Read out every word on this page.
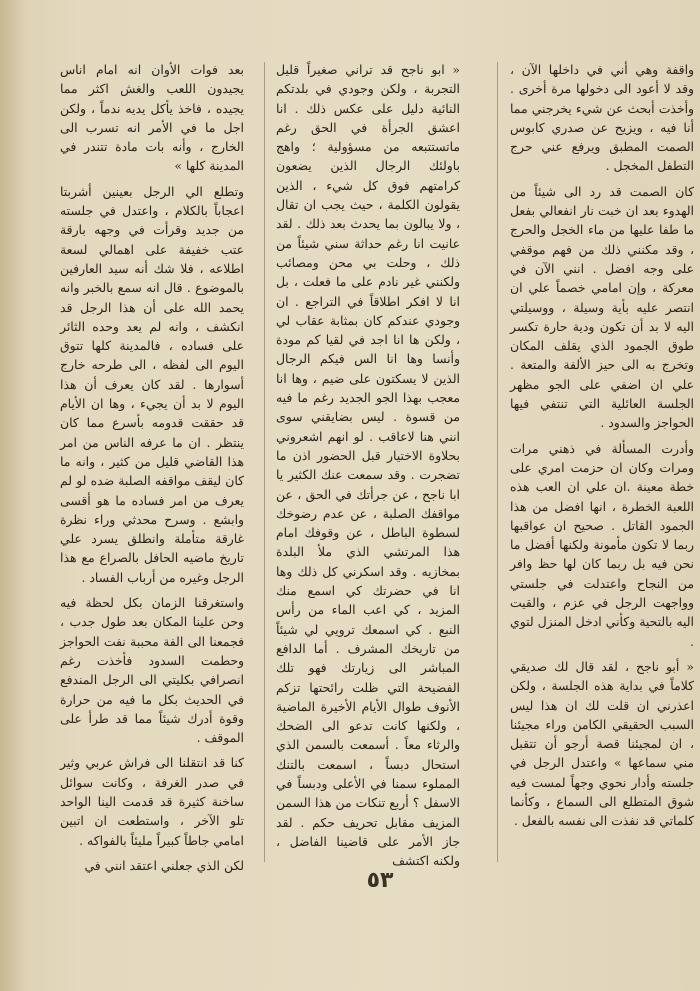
واقفة وهي أني في داخلها الآن ، وقد لا أعود الى دخولها مرة أخرى . وأخذت أبحث عن شيء يخرجني مما أنا فيه ، ويزيح عن صدري كابوس الصمت المطبق ويرفع عني حرج التطفل المخجل .

كان الصمت قد رد الى شيئاً من الهدوء بعد ان خبت نار انفعالي بفعل ما طفا عليها من ماء الخجل والحرج ، وقد مكنني ذلك من فهم موقفي على وجه افضل . انني الآن في معركة ، وإن امامي خصماً علي ان انتصر عليه بأية وسيلة ، ووسيلتي اليه لا بد أن تكون ودية حارة تكسر طوق الجمود الذي يقلف المكان وتخرج به الى حيز الألفة والمتعة . علي ان اضفي على الجو مظهر الجلسة العائلية التي تنتفي فيها الحواجز والسدود .

وأدرت المسألة في ذهني مرات ومرات وكان ان حزمت امري على خطة معينة .ان علي ان العب هذه اللعبة الخطرة ، انها افضل من هذا الجمود القاتل . صحيح ان عواقبها ربما لا تكون مأمونة ولكنها أفضل ما نحن فيه بل ربما كان لها حظ وافر من النجاح واعتدلت في جلستي وواجهت الرجل في عزم ، والقيت اليه بالتحية وكأني ادخل المنزل لتوي .

« أبو ناجح ، لقد قال لك صديقي كلاماً في بداية هذه الجلسة ، ولكن اعذرني ان قلت لك ان هذا ليس السبب الحقيقي الكامن وراء مجيئنا ، ان لمجيئنا قصة أرجو أن تتقبل مني سماعها » واعتدل الرجل في جلسته وأدار نحوي وجهاً لمست فيه شوق المتطلع الى السماع ، وكأنما كلماتي قد نفذت الى نفسه بالفعل .

« ابو ناجح قد تراني صغيراً قليل التجربة ، ولكن وجودي في بلدتكم النائية دليل على عكس ذلك . انا اعشق الجرأة في الحق رغم ماتستتبعه من مسؤولية ؛ واهج باولئك الرجال الذين يضعون كرامتهم فوق كل شيء ، الذين يقولون الكلمة ، حيث يجب ان تقال ، ولا يبالون بما يحدث بعد ذلك . لقد عانيت انا رغم حداثة سني شيئاً من ذلك ، وحلت بي محن ومصائب ولكنني غير نادم على ما فعلت ، بل انا لا افكر اطلاقاً في التراجع . ان وجودي عندكم كان بمثابة عقاب لي ، ولكن ها انا اجد في لقيا كم مودة وأنسا وها انا الس فيكم الرجال الذين لا يسكتون على ضيم ، وها انا معجب بهذا الجو الجديد رغم ما فيه من قسوة . ليس بضايقني سوى انني هنا لاعاقب . لو انهم اشعروني بحلاوة الاختيار قبل الحضور اذن ما تضجرت . وقد سمعت عنك الكثير يا ابا ناجح ، عن جرأتك في الحق ، عن مواقفك الصلبة ، عن عدم رضوخك لسطوة الباطل ، عن وقوفك امام هذا المرتشي الذي ملأ البلدة بمخازيه . وقد اسكرني كل ذلك وها انا في حضرتك كي اسمع منك المزيد ، كي اعب الماء من رأس النبع . كي اسمعك ترويي لي شيئاً من تاريخك المشرف . أما الدافع المباشر الى زيارتك فهو تلك الفضيحة التي ظلت رائحتها تزكم الأنوف طوال الأيام الأخيرة الماضية ، ولكنها كانت تدعو الى الضحك والرثاء معاً . أسمعت بالسمن الذي استحال دبساً ، اسمعت بالتنك المملوء سمنا في الأعلى ودبساً في الاسفل ؟ أربع تنكات من هذا السمن المزيف مقابل تحريف حكم . لقد جاز الأمر على قاضينا الفاضل ، ولكنه اكتشف

بعد فوات الأوان انه امام اناس يجيدون اللعب والغش اكثر مما يجيده ، فاخذ يأكل يديه ندماً ، ولكن اجل ما في الأمر انه تسرب الى الخارج ، وأنه بات مادة تتندر في المدينة كلها »

وتطلع الي الرجل بعينين أشربتا اعجاباً بالكلام ، واعتدل في جلسته من جديد وقرأت في وجهه بارقة عتب خفيفة على اهمالي لسعة اطلاعه ، فلا شك أنه سيد العارفين بالموضوع . قال انه سمع بالخبر وانه يحمد الله على أن هذا الرجل قد انكشف ، وانه لم يعد وحده الثائر على فساده ، فالمدينة كلها تتوق اليوم الى لفظه ، الى طرحه خارج أسوارها . لقد كان يعرف أن هذا اليوم لا بد أن يجيء ، وها ان الأيام قد حققت قدومه بأسرع مما كان ينتظر . ان ما عرفه الناس من امر هذا القاضي قليل من كثير ، وانه ما كان ليقف مواقفه الصلبة ضده لو لم يعرف من امر فساده ما هو أقسى وابشع . وسرح محدثي وراء نظرة غارقة متأملة وانطلق يسرد علي تاريخ ماضيه الحافل بالصراع مع هذا الرجل وغيره من أرباب الفساد .

واستغرقنا الزمان بكل لحظة فيه وحن علينا المكان بعد طول جدب ، فجمعنا الى الفة محببة نفت الحواجز وحطمت السدود فأخذت رغم انصرافي بكليتي الى الرجل المندفع في الحديث بكل ما فيه من حرارة وقوة أدرك شيئاً مما قد طرأ على الموقف .

كنا قد انتقلنا الى فراش عربي وثير في صدر الغرفة ، وكانت سوائل ساخنة كثيرة قد قدمت الينا الواحد تلو الآخر ، واستطعت ان اتبين امامي جاطاً كبيراً مليئاً بالفواكه .

لكن الذي جعلني اعتقد انني في

٥٣
